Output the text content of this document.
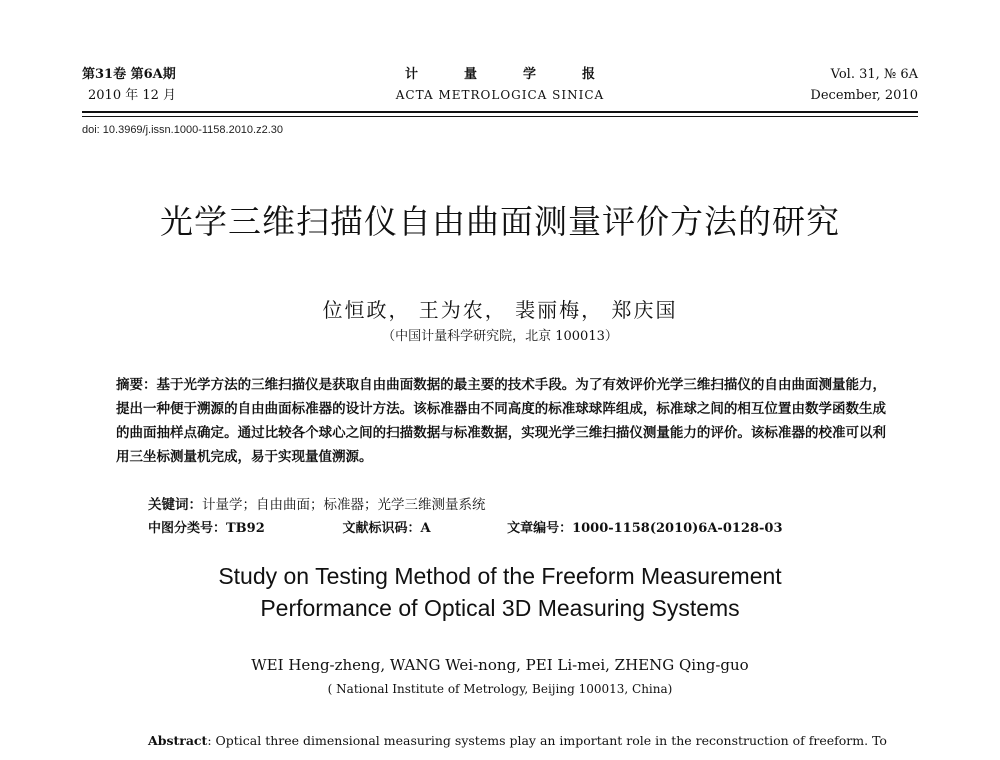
第31卷 第6A期
2010 年 12 月
计量学报
ACTA METROLOGICA SINICA
Vol. 31, № 6A
December, 2010
doi: 10.3969/j.issn.1000-1158.2010.z2.30
光学三维扫描仪自由曲面测量评价方法的研究
位恒政， 王为农， 裴丽梅， 郑庆国
（中国计量科学研究院，北京 100013）
摘要：基于光学方法的三维扫描仪是获取自由曲面数据的最主要的技术手段。为了有效评价光学三维扫描仪的自由曲面测量能力，提出一种便于溯源的自由曲面标准器的设计方法。该标准器由不同高度的标准球球阵组成，标准球之间的相互位置由数学函数生成的曲面抽样点确定。通过比较各个球心之间的扫描数据与标准数据，实现光学三维扫描仪测量能力的评价。该标准器的校准可以利用三坐标测量机完成，易于实现量值溯源。
关键词：计量学；自由曲面；标准器；光学三维测量系统
中图分类号：TB92	文献标识码：A	文章编号：1000-1158(2010)6A-0128-03
Study on Testing Method of the Freeform Measurement
Performance of Optical 3D Measuring Systems
WEI Heng-zheng, WANG Wei-nong, PEI Li-mei, ZHENG Qing-guo
( National Institute of Metrology, Beijing 100013, China)
Abstract: Optical three dimensional measuring systems play an important role in the reconstruction of freeform. To
